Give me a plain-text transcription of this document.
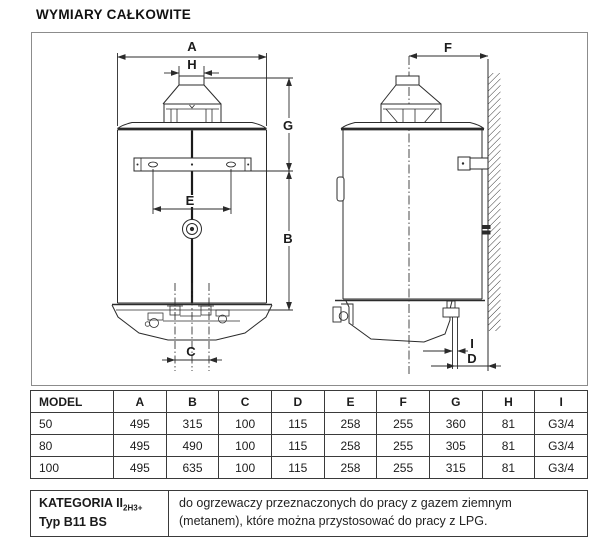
WYMIARY CAŁKOWITE
A
H
G
B
E
C
F
I
D
MODEL	A	B	C	D	E	F	G	H	I
50	495	315	100	115	258	255	360	81	G3/4
80	495	490	100	115	258	255	305	81	G3/4
100	495	635	100	115	258	255	315	81	G3/4
KATEGORIA $II_{2H3+}$
Typ B11 BS
do ogrzewaczy przeznaczonych do pracy z gazem ziemnym (metanem), które można przystosować do pracy z LPG.
